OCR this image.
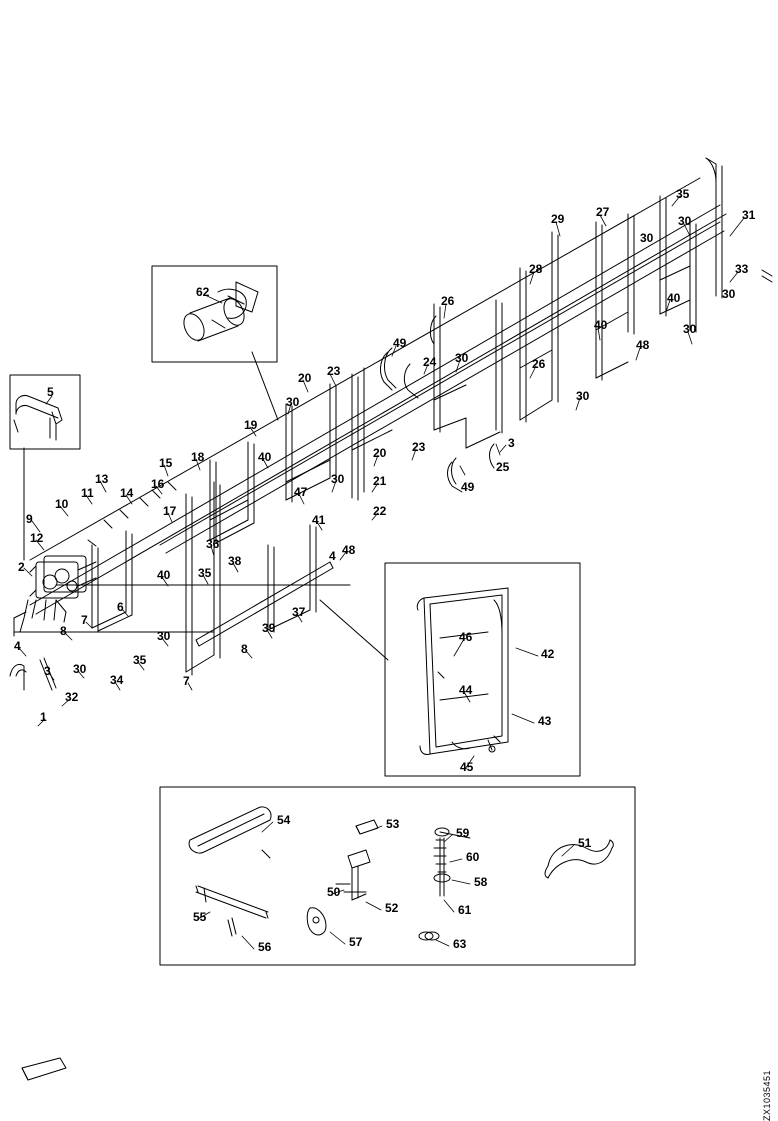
62
5
35
29	27
30	31
33
30
30
28
26	40
30
40
26
48
49
24 30
30
20 23
19
30
40
18
15
16
14
13
11
10	17
9
12
2
36
38
20 23
21
22
30
47
41
25
3
49
48
4
35
40
6
7
8
4
3 30
34
35
30
7
8
39
37
32
1
46
42
44
43
45
54	53
59
51
60
58
50
52	61
55
57
56	63
ZX1035451
